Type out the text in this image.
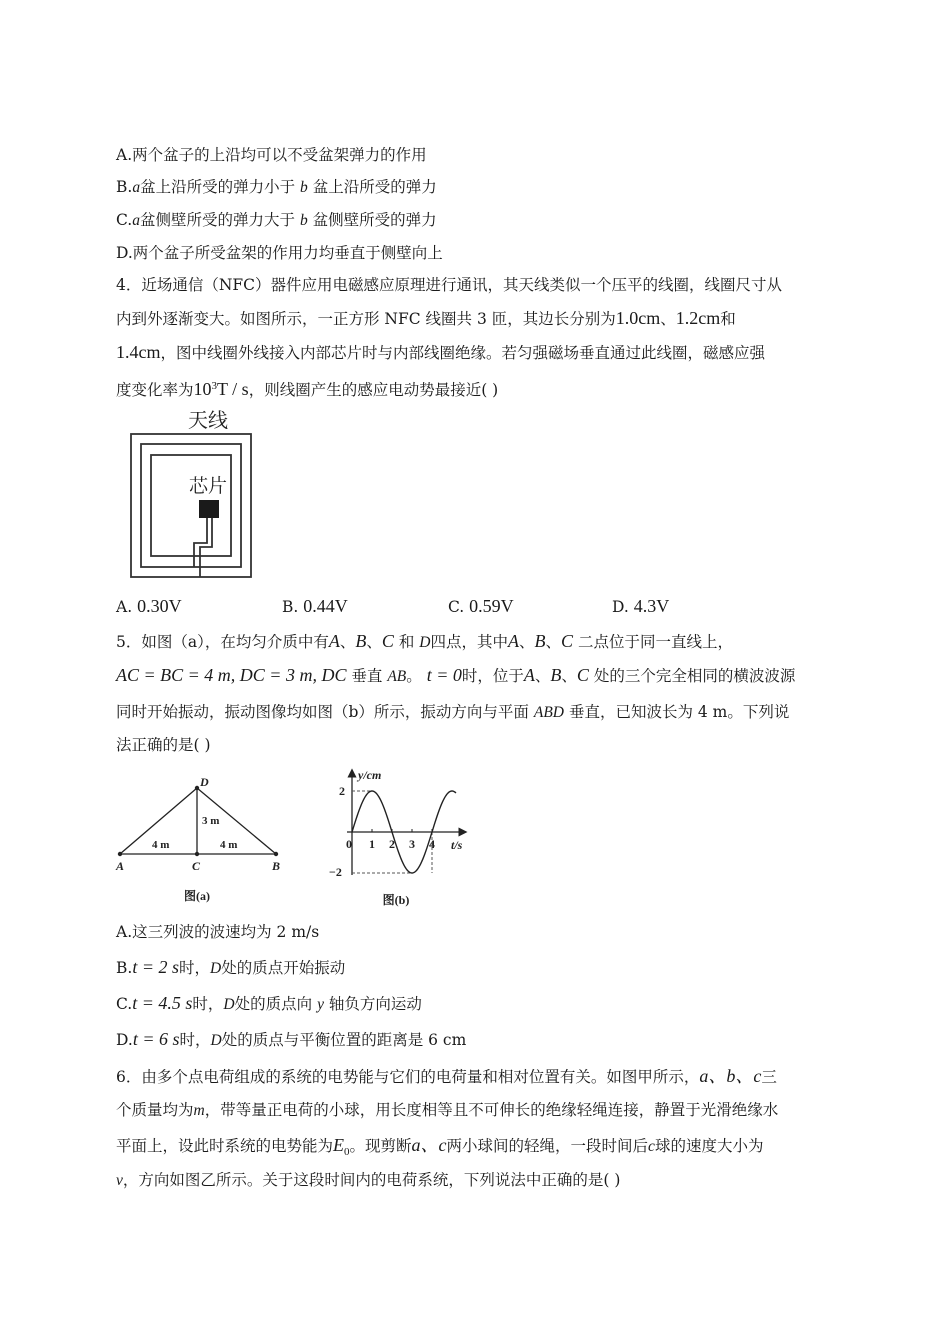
A.两个盆子的上沿均可以不受盆架弹力的作用
B.a盆上沿所受的弹力小于 b 盆上沿所受的弹力
C.a盆侧壁所受的弹力大于 b 盆侧壁所受的弹力
D.两个盆子所受盆架的作用力均垂直于侧壁向上
4．近场通信（NFC）器件应用电磁感应原理进行通讯，其天线类似一个压平的线圈，线圈尺寸从
内到外逐渐变大。如图所示，一正方形 NFC 线圈共 3 匝，其边长分别为1.0cm、1.2cm和
1.4cm，图中线圈外线接入内部芯片时与内部线圈绝缘。若匀强磁场垂直通过此线圈，磁感应强
度变化率为$10^3T$ / s，则线圈产生的感应电动势最接近( )
天线
芯片
A. 0.30V	B. 0.44V	C. 0.59V	D. 4.3V
5．如图（a），在均匀介质中有A、B、C 和 D四点，其中A、B、C 二点位于同一直线上，
AC = BC = 4 m, DC = 3 m, DC 垂直 AB。 t = 0时，位于A、B、C 处的三个完全相同的横波波源
同时开始振动，振动图像均如图（b）所示，振动方向与平面 ABD 垂直，已知波长为 4 m。下列说
法正确的是( )
D
A	C	B
3 m
4 m	4 m
图(a)
y/cm
t/s
2
−2
0 1 2 3 4
图(b)
A.这三列波的波速均为 2 m/s
B.t = 2 s时，D处的质点开始振动
C.t = 4.5 s时，D处的质点向 y 轴负方向运动
D.t = 6 s时，D处的质点与平衡位置的距离是 6 cm
6．由多个点电荷组成的系统的电势能与它们的电荷量和相对位置有关。如图甲所示，a、b、c三
个质量均为m，带等量正电荷的小球，用长度相等且不可伸长的绝缘轻绳连接，静置于光滑绝缘水
平面上，设此时系统的电势能为$E_0$。现剪断a、c两小球间的轻绳，一段时间后c球的速度大小为
v，方向如图乙所示。关于这段时间内的电荷系统，下列说法中正确的是( )
